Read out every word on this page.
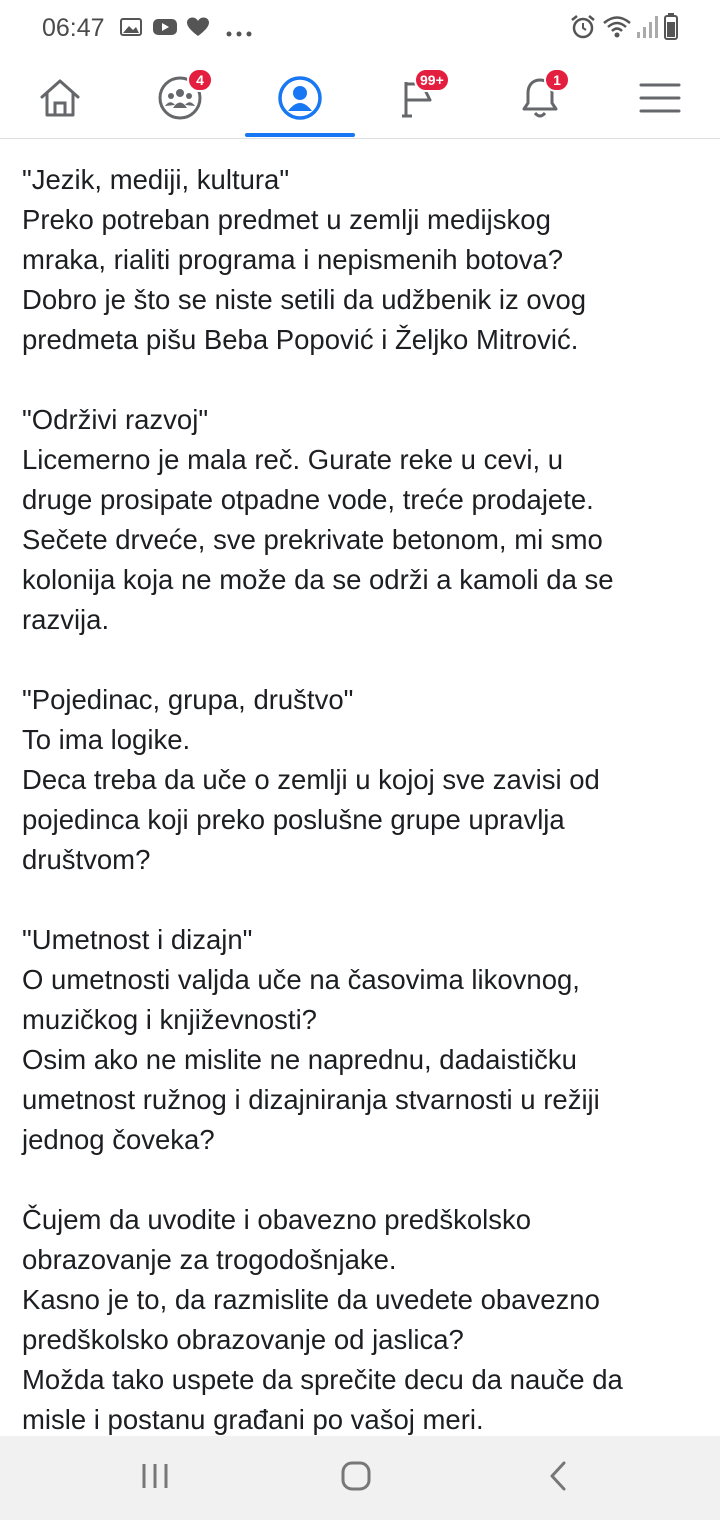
06:47
4	99+	1
"Jezik, mediji, kultura"
Preko potreban predmet u zemlji medijskog
mraka, rialiti programa i nepismenih botova?
Dobro je što se niste setili da udžbenik iz ovog
predmeta pišu Beba Popović i Željko Mitrović.
"Održivi razvoj"
Licemerno je mala reč. Gurate reke u cevi, u
druge prosipate otpadne vode, treće prodajete.
Sečete drveće, sve prekrivate betonom, mi smo
kolonija koja ne može da se održi a kamoli da se
razvija.
"Pojedinac, grupa, društvo"
To ima logike.
Deca treba da uče o zemlji u kojoj sve zavisi od
pojedinca koji preko poslušne grupe upravlja
društvom?
"Umetnost i dizajn"
O umetnosti valjda uče na časovima likovnog,
muzičkog i književnosti?
Osim ako ne mislite ne naprednu, dadaističku
umetnost ružnog i dizajniranja stvarnosti u režiji
jednog čoveka?
Čujem da uvodite i obavezno predškolsko
obrazovanje za trogodošnjake.
Kasno je to, da razmislite da uvedete obavezno
predškolsko obrazovanje od jaslica?
Možda tako uspete da sprečite decu da nauče da
misle i postanu građani po vašoj meri.
